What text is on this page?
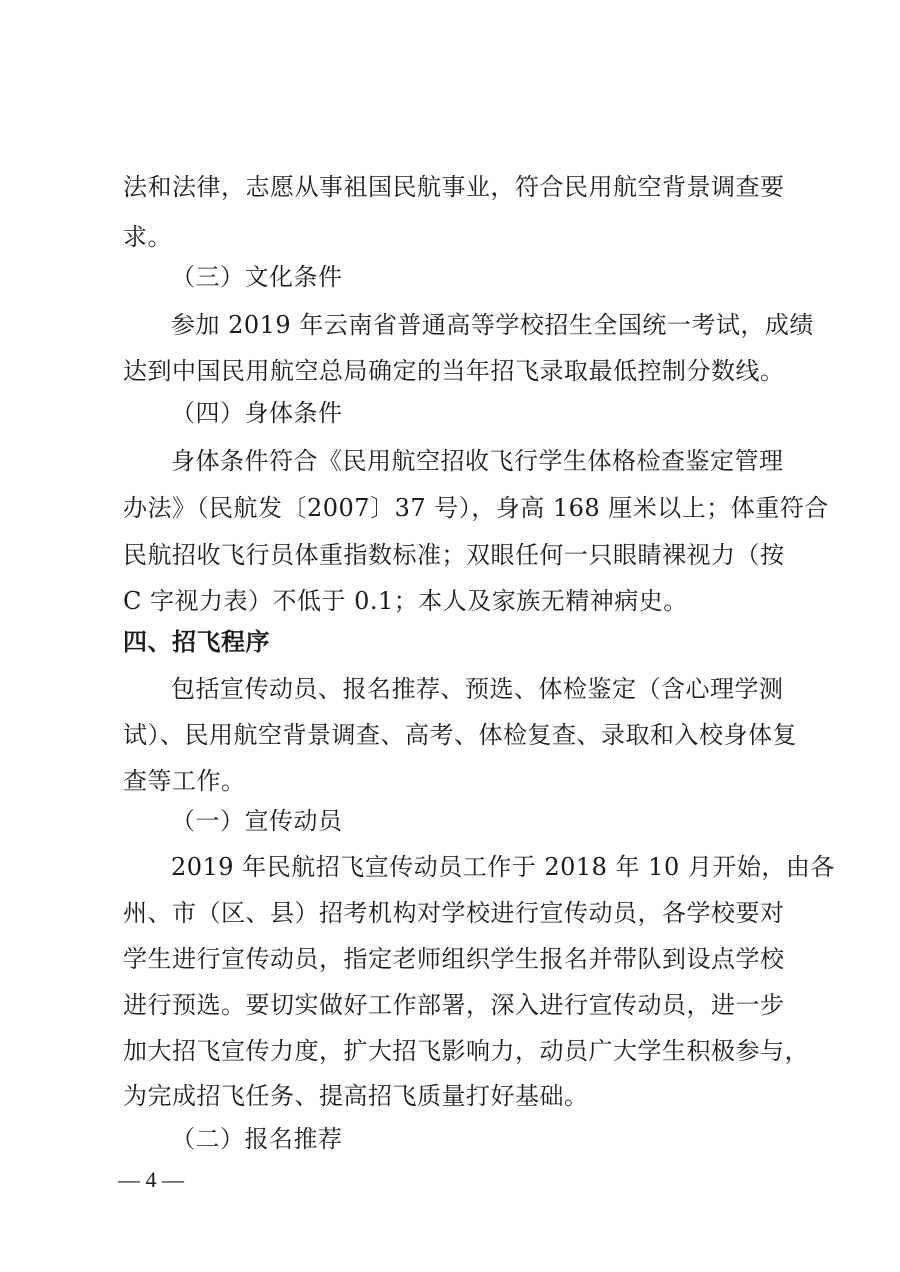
法和法律，志愿从事祖国民航事业，符合民用航空背景调查要
求。
（三）文化条件
参加 2019 年云南省普通高等学校招生全国统一考试，成绩
达到中国民用航空总局确定的当年招飞录取最低控制分数线。
（四）身体条件
身体条件符合《民用航空招收飞行学生体格检查鉴定管理
办法》（民航发〔2007〕37 号），身高 168 厘米以上；体重符合
民航招收飞行员体重指数标准；双眼任何一只眼睛裸视力（按
C 字视力表）不低于 0.1；本人及家族无精神病史。
四、招飞程序
包括宣传动员、报名推荐、预选、体检鉴定（含心理学测
试）、民用航空背景调查、高考、体检复查、录取和入校身体复
查等工作。
（一）宣传动员
2019 年民航招飞宣传动员工作于 2018 年 10 月开始，由各
州、市（区、县）招考机构对学校进行宣传动员，各学校要对
学生进行宣传动员，指定老师组织学生报名并带队到设点学校
进行预选。要切实做好工作部署，深入进行宣传动员，进一步
加大招飞宣传力度，扩大招飞影响力，动员广大学生积极参与，
为完成招飞任务、提高招飞质量打好基础。
（二）报名推荐
— 4 —
